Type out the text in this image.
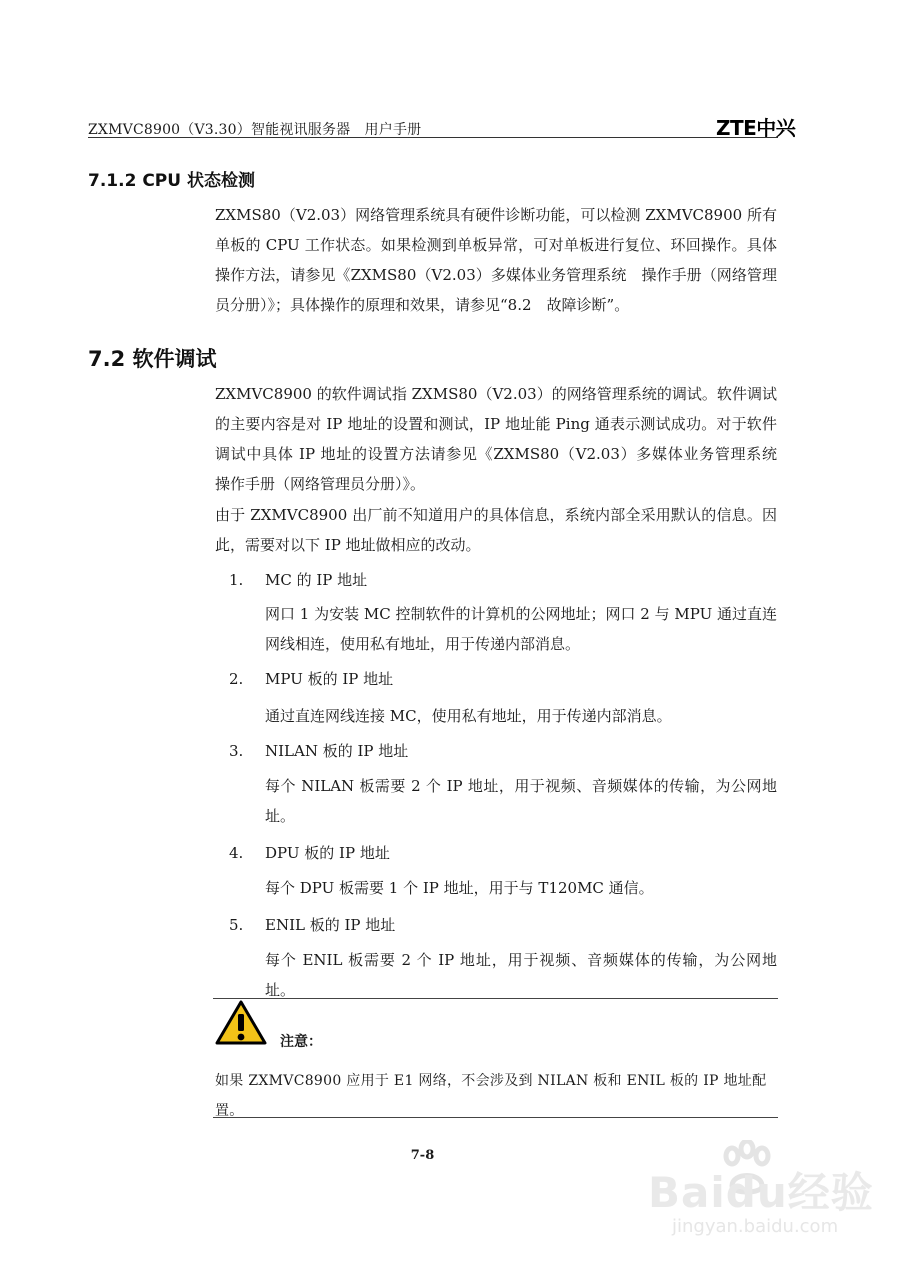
ZXMVC8900（V3.30）智能视讯服务器　用户手册	ZTE中兴
7.1.2 CPU 状态检测

ZXMS80（V2.03）网络管理系统具有硬件诊断功能，可以检测 ZXMVC8900 所有单板的 CPU 工作状态。如果检测到单板异常，可对单板进行复位、环回操作。具体操作方法，请参见《ZXMS80（V2.03）多媒体业务管理系统　操作手册（网络管理员分册）》；具体操作的原理和效果，请参见“8.2　故障诊断”。

7.2 软件调试

ZXMVC8900 的软件调试指 ZXMS80（V2.03）的网络管理系统的调试。软件调试的主要内容是对 IP 地址的设置和测试，IP 地址能 Ping 通表示测试成功。对于软件调试中具体 IP 地址的设置方法请参见《ZXMS80（V2.03）多媒体业务管理系统　操作手册（网络管理员分册）》。

由于 ZXMVC8900 出厂前不知道用户的具体信息，系统内部全采用默认的信息。因此，需要对以下 IP 地址做相应的改动。

1. MC 的 IP 地址

网口 1 为安装 MC 控制软件的计算机的公网地址；网口 2 与 MPU 通过直连网线相连，使用私有地址，用于传递内部消息。

2. MPU 板的 IP 地址

通过直连网线连接 MC，使用私有地址，用于传递内部消息。

3. NILAN 板的 IP 地址

每个 NILAN 板需要 2 个 IP 地址，用于视频、音频媒体的传输，为公网地址。

4. DPU 板的 IP 地址

每个 DPU 板需要 1 个 IP 地址，用于与 T120MC 通信。

5. ENIL 板的 IP 地址

每个 ENIL 板需要 2 个 IP 地址，用于视频、音频媒体的传输，为公网地址。

注意：

如果 ZXMVC8900 应用于 E1 网络，不会涉及到 NILAN 板和 ENIL 板的 IP 地址配置。

7-8
Baidu经验
jingyan.baidu.com
